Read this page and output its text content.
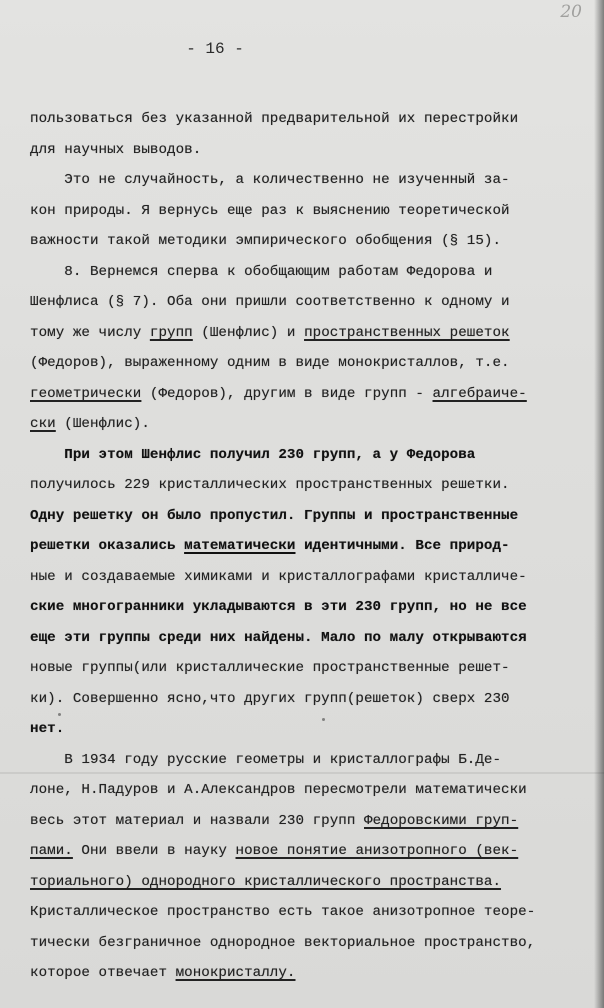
20
- 16 -
пользоваться без указанной предварительной их перестройки
для научных выводов.
Это не случайность, а количественно не изученный за-
кон природы. Я вернусь еще раз к выяснению теоретической
важности такой методики эмпирического обобщения (§ 15).
8. Вернемся сперва к обобщающим работам Федорова и
Шенфлиса (§ 7). Оба они пришли соответственно к одному и
тому же числу групп (Шенфлис) и пространственных решеток
(Федоров), выраженному одним в виде монокристаллов, т.е.
геометрически (Федоров), другим в виде групп - алгебраиче-
ски (Шенфлис).
При этом Шенфлис получил 230 групп, а у Федорова
получилось 229 кристаллических пространственных решетки.
Одну решетку он было пропустил. Группы и пространственные
решетки оказались математически идентичными. Все природ-
ные и создаваемые химиками и кристаллографами кристалличе-
ские многогранники укладываются в эти 230 групп, но не все
еще эти группы среди них найдены. Мало по малу открываются
новые группы(или кристаллические пространственные решет-
ки). Совершенно ясно,что других групп(решеток) сверх 230
нет.
В 1934 году русские геометры и кристаллографы Б.Де-
лоне, Н.Падуров и А.Александров пересмотрели математически
весь этот материал и назвали 230 групп Федоровскими груп-
пами. Они ввели в науку новое понятие анизотропного (век-
ториального) однородного кристаллического пространства.
Кристаллическое пространство есть такое анизотропное теоре-
тически безграничное однородное векториальное пространство,
которое отвечает монокристаллу.
